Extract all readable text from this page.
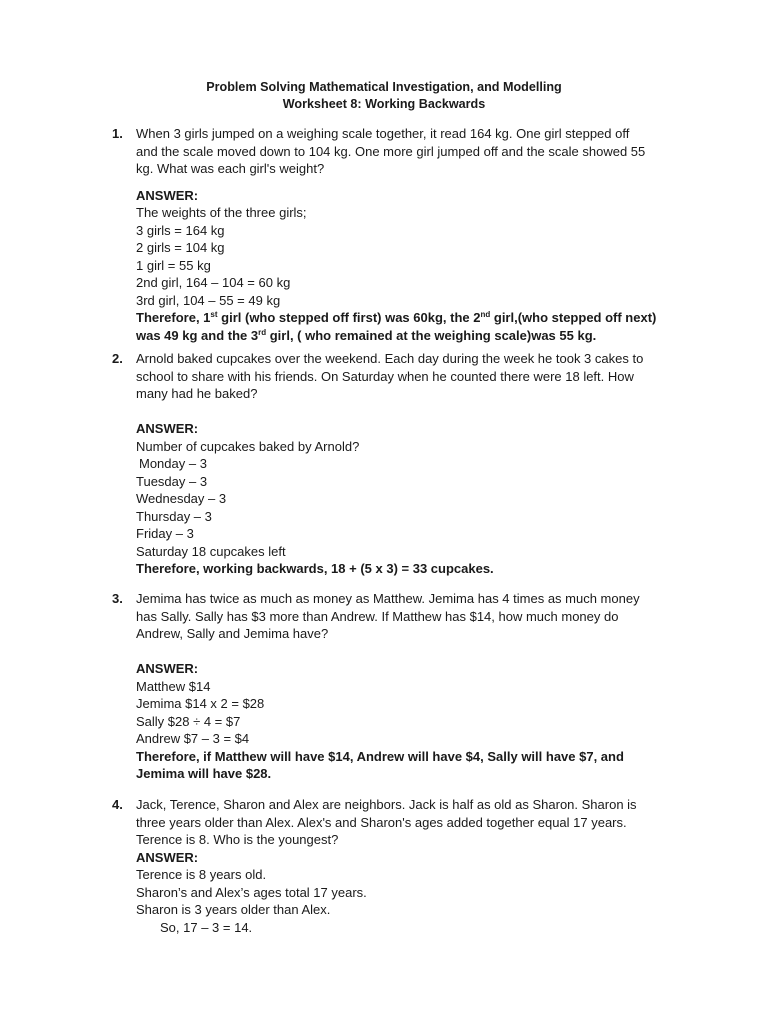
Problem Solving Mathematical Investigation, and Modelling
Worksheet 8: Working Backwards
1. When 3 girls jumped on a weighing scale together, it read 164 kg. One girl stepped off
and the scale moved down to 104 kg. One more girl jumped off and the scale showed 55
kg. What was each girl's weight?
ANSWER:
The weights of the three girls;
3 girls = 164 kg
2 girls = 104 kg
1 girl = 55 kg
2nd girl, 164 – 104 = 60 kg
3rd girl, 104 – 55 = 49 kg
Therefore, 1st girl (who stepped off first) was 60kg, the 2nd girl,(who stepped off next)
was 49 kg and the 3rd girl, ( who remained at the weighing scale)was 55 kg.
2. Arnold baked cupcakes over the weekend. Each day during the week he took 3 cakes to
school to share with his friends. On Saturday when he counted there were 18 left. How
many had he baked?
ANSWER:
Number of cupcakes baked by Arnold?
Monday – 3
Tuesday – 3
Wednesday – 3
Thursday – 3
Friday – 3
Saturday 18 cupcakes left
Therefore, working backwards, 18 + (5 x 3) = 33 cupcakes.
3. Jemima has twice as much as money as Matthew. Jemima has 4 times as much money
has Sally. Sally has $3 more than Andrew. If Matthew has $14, how much money do
Andrew, Sally and Jemima have?
ANSWER:
Matthew $14
Jemima $14 x 2 = $28
Sally $28 ÷ 4 = $7
Andrew $7 – 3 = $4
Therefore, if Matthew will have $14, Andrew will have $4, Sally will have $7, and
Jemima will have $28.
4. Jack, Terence, Sharon and Alex are neighbors. Jack is half as old as Sharon. Sharon is
three years older than Alex. Alex's and Sharon's ages added together equal 17 years.
Terence is 8. Who is the youngest?
ANSWER:
Terence is 8 years old.
Sharon’s and Alex’s ages total 17 years.
Sharon is 3 years older than Alex.
So, 17 – 3 = 14.
